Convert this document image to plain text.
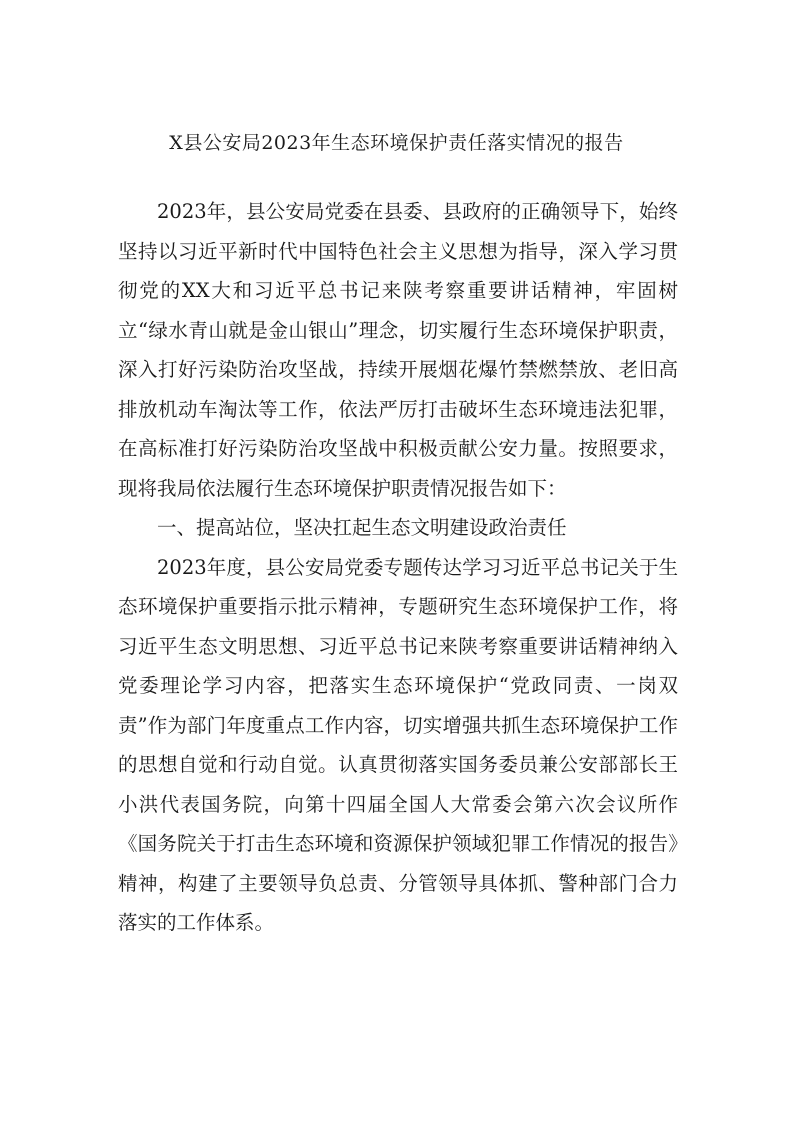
X县公安局2023年生态环境保护责任落实情况的报告

2023年，县公安局党委在县委、县政府的正确领导下，始终坚持以习近平新时代中国特色社会主义思想为指导，深入学习贯彻党的XX大和习近平总书记来陕考察重要讲话精神，牢固树立“绿水青山就是金山银山”理念，切实履行生态环境保护职责，深入打好污染防治攻坚战，持续开展烟花爆竹禁燃禁放、老旧高排放机动车淘汰等工作，依法严厉打击破坏生态环境违法犯罪，在高标准打好污染防治攻坚战中积极贡献公安力量。按照要求，现将我局依法履行生态环境保护职责情况报告如下：

一、提高站位，坚决扛起生态文明建设政治责任

2023年度，县公安局党委专题传达学习习近平总书记关于生态环境保护重要指示批示精神，专题研究生态环境保护工作，将习近平生态文明思想、习近平总书记来陕考察重要讲话精神纳入党委理论学习内容，把落实生态环境保护“党政同责、一岗双责”作为部门年度重点工作内容，切实增强共抓生态环境保护工作的思想自觉和行动自觉。认真贯彻落实国务委员兼公安部部长王小洪代表国务院，向第十四届全国人大常委会第六次会议所作《国务院关于打击生态环境和资源保护领域犯罪工作情况的报告》精神，构建了主要领导负总责、分管领导具体抓、警种部门合力落实的工作体系。
